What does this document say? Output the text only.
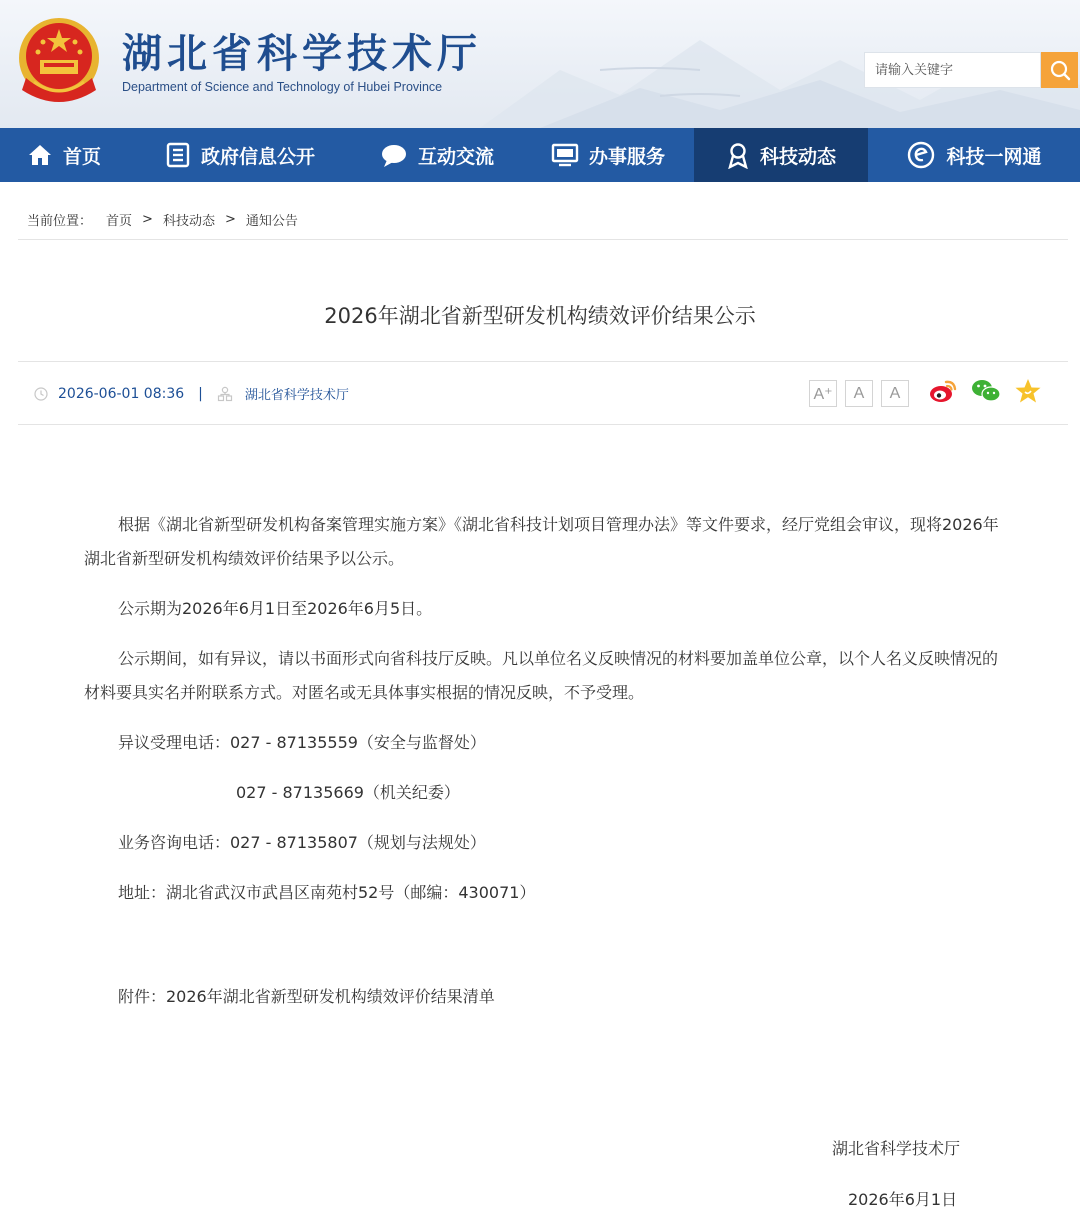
湖北省科学技术厅
Department of Science and Technology of Hubei Province
请输入关键字
首页	政府信息公开	互动交流	办事服务	科技动态	科技一网通
当前位置： 首页 > 科技动态 > 通知公告
2026年湖北省新型研发机构绩效评价结果公示
2026-06-01 08:36 |	湖北省科学技术厅	A⁺	A	A

根据《湖北省新型研发机构备案管理实施方案》《湖北省科技计划项目管理办法》等文件要求，经厅党组会审议，现将2026年湖北省新型研发机构绩效评价结果予以公示。

公示期为2026年6月1日至2026年6月5日。

公示期间，如有异议，请以书面形式向省科技厅反映。凡以单位名义反映情况的材料要加盖单位公章，以个人名义反映情况的材料要具实名并附联系方式。对匿名或无具体事实根据的情况反映，不予受理。

异议受理电话：027 - 87135559（安全与监督处）

027 - 87135669（机关纪委）

业务咨询电话：027 - 87135807（规划与法规处）

地址：湖北省武汉市武昌区南苑村52号（邮编：430071）

附件：2026年湖北省新型研发机构绩效评价结果清单
湖北省科学技术厅
2026年6月1日
